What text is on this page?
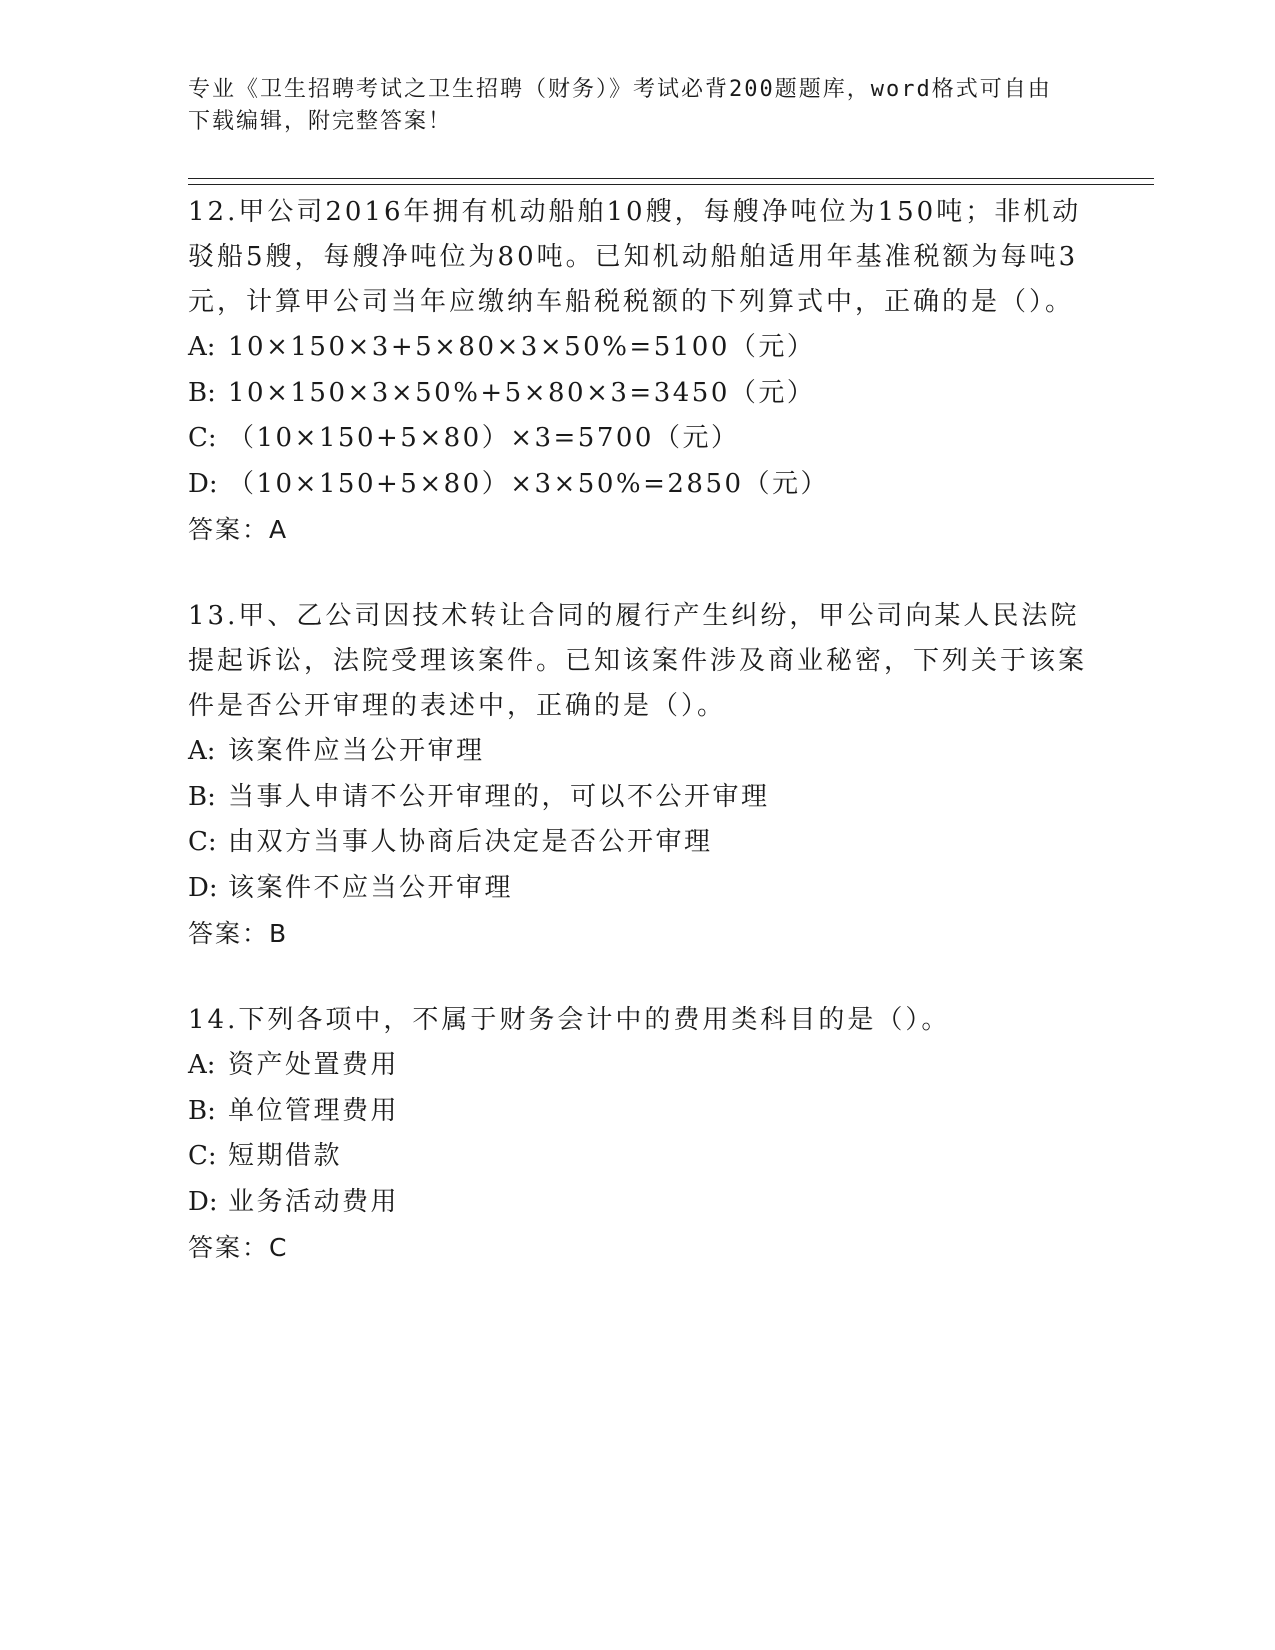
专业《卫生招聘考试之卫生招聘（财务）》考试必背200题题库，word格式可自由下载编辑，附完整答案！

12.甲公司2016年拥有机动船舶10艘，每艘净吨位为150吨；非机动驳船5艘，每艘净吨位为80吨。已知机动船舶适用年基准税额为每吨3元，计算甲公司当年应缴纳车船税税额的下列算式中，正确的是（）。

A: 10×150×3+5×80×3×50%=5100（元）
B: 10×150×3×50%+5×80×3=3450（元）
C: （10×150+5×80）×3=5700（元）
D: （10×150+5×80）×3×50%=2850（元）
答案： A

13.甲、乙公司因技术转让合同的履行产生纠纷，甲公司向某人民法院提起诉讼，法院受理该案件。已知该案件涉及商业秘密，下列关于该案件是否公开审理的表述中，正确的是（）。

A: 该案件应当公开审理
B: 当事人申请不公开审理的，可以不公开审理
C: 由双方当事人协商后决定是否公开审理
D: 该案件不应当公开审理
答案： B

14.下列各项中，不属于财务会计中的费用类科目的是（）。

A: 资产处置费用
B: 单位管理费用
C: 短期借款
D: 业务活动费用
答案： C
